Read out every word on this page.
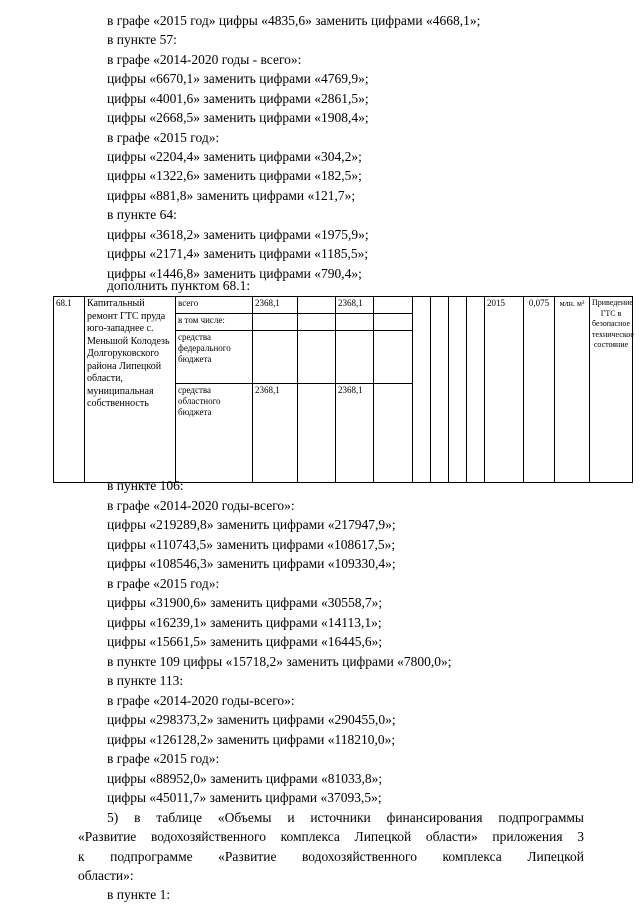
в графе «2015 год» цифры «4835,6» заменить цифрами «4668,1»;
в пункте 57:
в графе «2014-2020 годы - всего»:
цифры «6670,1» заменить цифрами «4769,9»;
цифры «4001,6» заменить цифрами «2861,5»;
цифры «2668,5» заменить цифрами «1908,4»;
в графе «2015 год»:
цифры «2204,4» заменить цифрами «304,2»;
цифры «1322,6» заменить цифрами «182,5»;
цифры «881,8» заменить цифрами «121,7»;
в пункте 64:
цифры «3618,2» заменить цифрами «1975,9»;
цифры «2171,4» заменить цифрами «1185,5»;
цифры «1446,8» заменить цифрами «790,4»;
дополнить пунктом 68.1:
68.1	Капитальный ремонт ГТС пруда юго-западнее с. Меньшой Колодезь Долгоруковского района Липецкой области, муниципальная собственность	всего	2368,1		2368,1						2015	0,075	млн. м³	Приведение ГТС в безопасное техническое состояние
		в том числе:												
		средства федерального бюджета												
		средства областного бюджета	2368,1		2368,1									
в пункте 106:
в графе «2014-2020 годы-всего»:
цифры «219289,8» заменить цифрами «217947,9»;
цифры «110743,5» заменить цифрами «108617,5»;
цифры «108546,3» заменить цифрами «109330,4»;
в графе «2015 год»:
цифры «31900,6» заменить цифрами «30558,7»;
цифры «16239,1» заменить цифрами «14113,1»;
цифры «15661,5» заменить цифрами «16445,6»;
в пункте 109 цифры «15718,2» заменить цифрами «7800,0»;
в пункте 113:
в графе «2014-2020 годы-всего»:
цифры «298373,2» заменить цифрами «290455,0»;
цифры «126128,2» заменить цифрами «118210,0»;
в графе «2015 год»:
цифры «88952,0» заменить цифрами «81033,8»;
цифры «45011,7» заменить цифрами «37093,5»;
5) в таблице «Объемы и источники финансирования подпрограммы
«Развитие водохозяйственного комплекса Липецкой области» приложения 3
к подпрограмме «Развитие водохозяйственного комплекса Липецкой
области»:
в пункте 1:
